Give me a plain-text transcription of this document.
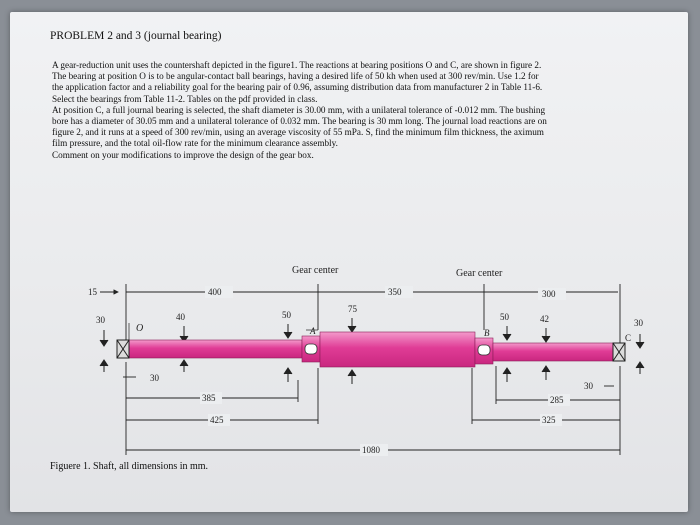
PROBLEM 2 and 3 (journal bearing)
A gear-reduction unit uses the countershaft depicted in the figure1. The reactions at bearing positions O and C, are shown in figure 2.
The bearing at position O is to be angular-contact ball bearings, having a desired life of 50 kh when used at 300 rev/min. Use 1.2 for
the application factor and a reliability goal for the bearing pair of 0.96, assuming distribution data from manufacturer 2 in Table 11-6.
Select the bearings from Table 11-2. Tables on the pdf provided in class.
At position C, a full journal bearing is selected, the shaft diameter is 30.00 mm, with a unilateral tolerance of -0.012 mm. The bushing
bore has a diameter of 30.05 mm and a unilateral tolerance of 0.032 mm. The bearing is 30 mm long. The journal load reactions are on
figure 2, and it runs at a speed of 300 rev/min, using an average viscosity of 55 mPa. S, find the minimum film thickness, the aximum
film pressure, and the total oil-flow rate for the minimum clearance assembly.
Comment on your modifications to improve the design of the gear box.
Gear center	Gear center
15	400	350	300
30	40	50
75
50	42	30
O	A	B	C
30
385
425
1080
30
285
325
Figuere 1. Shaft, all dimensions in mm.
